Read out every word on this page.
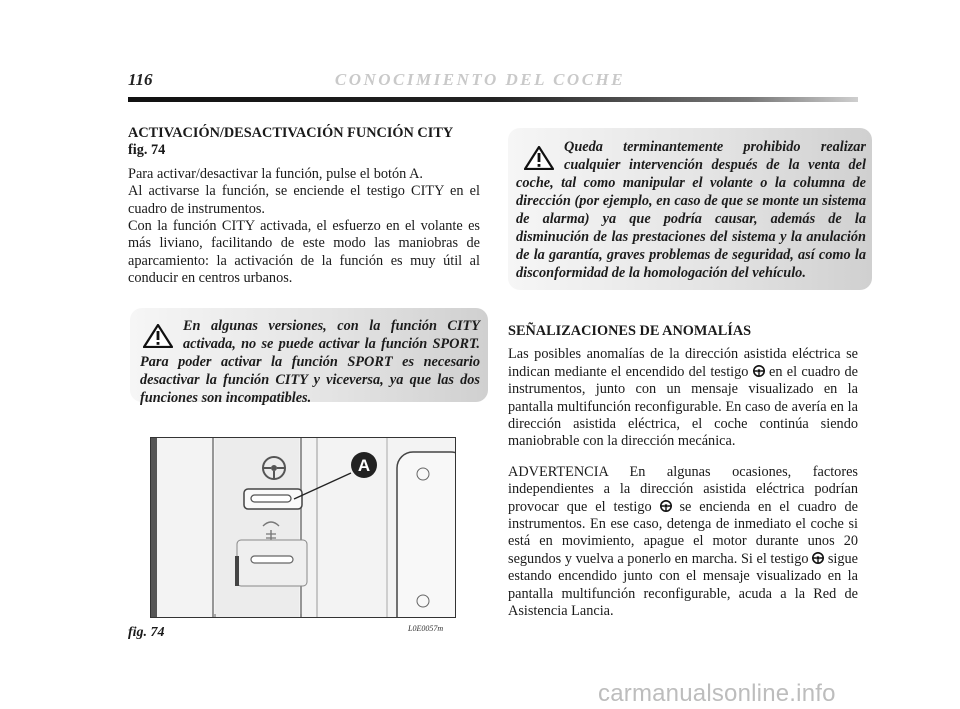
116	CONOCIMIENTO DEL COCHE
ACTIVACIÓN/DESACTIVACIÓN FUNCIÓN CITY
fig. 74

Para activar/desactivar la función, pulse el botón A.

Al activarse la función, se enciende el testigo CITY en el cuadro de instrumentos.

Con la función CITY activada, el esfuerzo en el volante es más liviano, facilitando de este modo las maniobras de aparcamiento: la activación de la función es muy útil al conducir en centros urbanos.

En algunas versiones, con la función CITY activada, no se puede activar la función SPORT. Para poder activar la función SPORT es necesario desactivar la función CITY y viceversa, ya que las dos funciones son incompatibles.

A
fig. 74	L0E0057m

Queda terminantemente prohibido realizar cualquier intervención después de la venta del coche, tal como manipular el volante o la columna de dirección (por ejemplo, en caso de que se monte un sistema de alarma) ya que podría causar, además de la disminución de las prestaciones del sistema y la anulación de la garantía, graves problemas de seguridad, así como la disconformidad de la homologación del vehículo.

SEÑALIZACIONES DE ANOMALÍAS

Las posibles anomalías de la dirección asistida eléctrica se indican mediante el encendido del testigo en el cuadro de instrumentos, junto con un mensaje visualizado en la pantalla multifunción reconfigurable. En caso de avería en la dirección asistida eléctrica, el coche continúa siendo maniobrable con la dirección mecánica.

ADVERTENCIA En algunas ocasiones, factores independientes a la dirección asistida eléctrica podrían provocar que el testigo se encienda en el cuadro de instrumentos. En ese caso, detenga de inmediato el coche si está en movimiento, apague el motor durante unos 20 segundos y vuelva a ponerlo en marcha. Si el testigo sigue estando encendido junto con el mensaje visualizado en la pantalla multifunción reconfigurable, acuda a la Red de Asistencia Lancia.

carmanualsonline.info
